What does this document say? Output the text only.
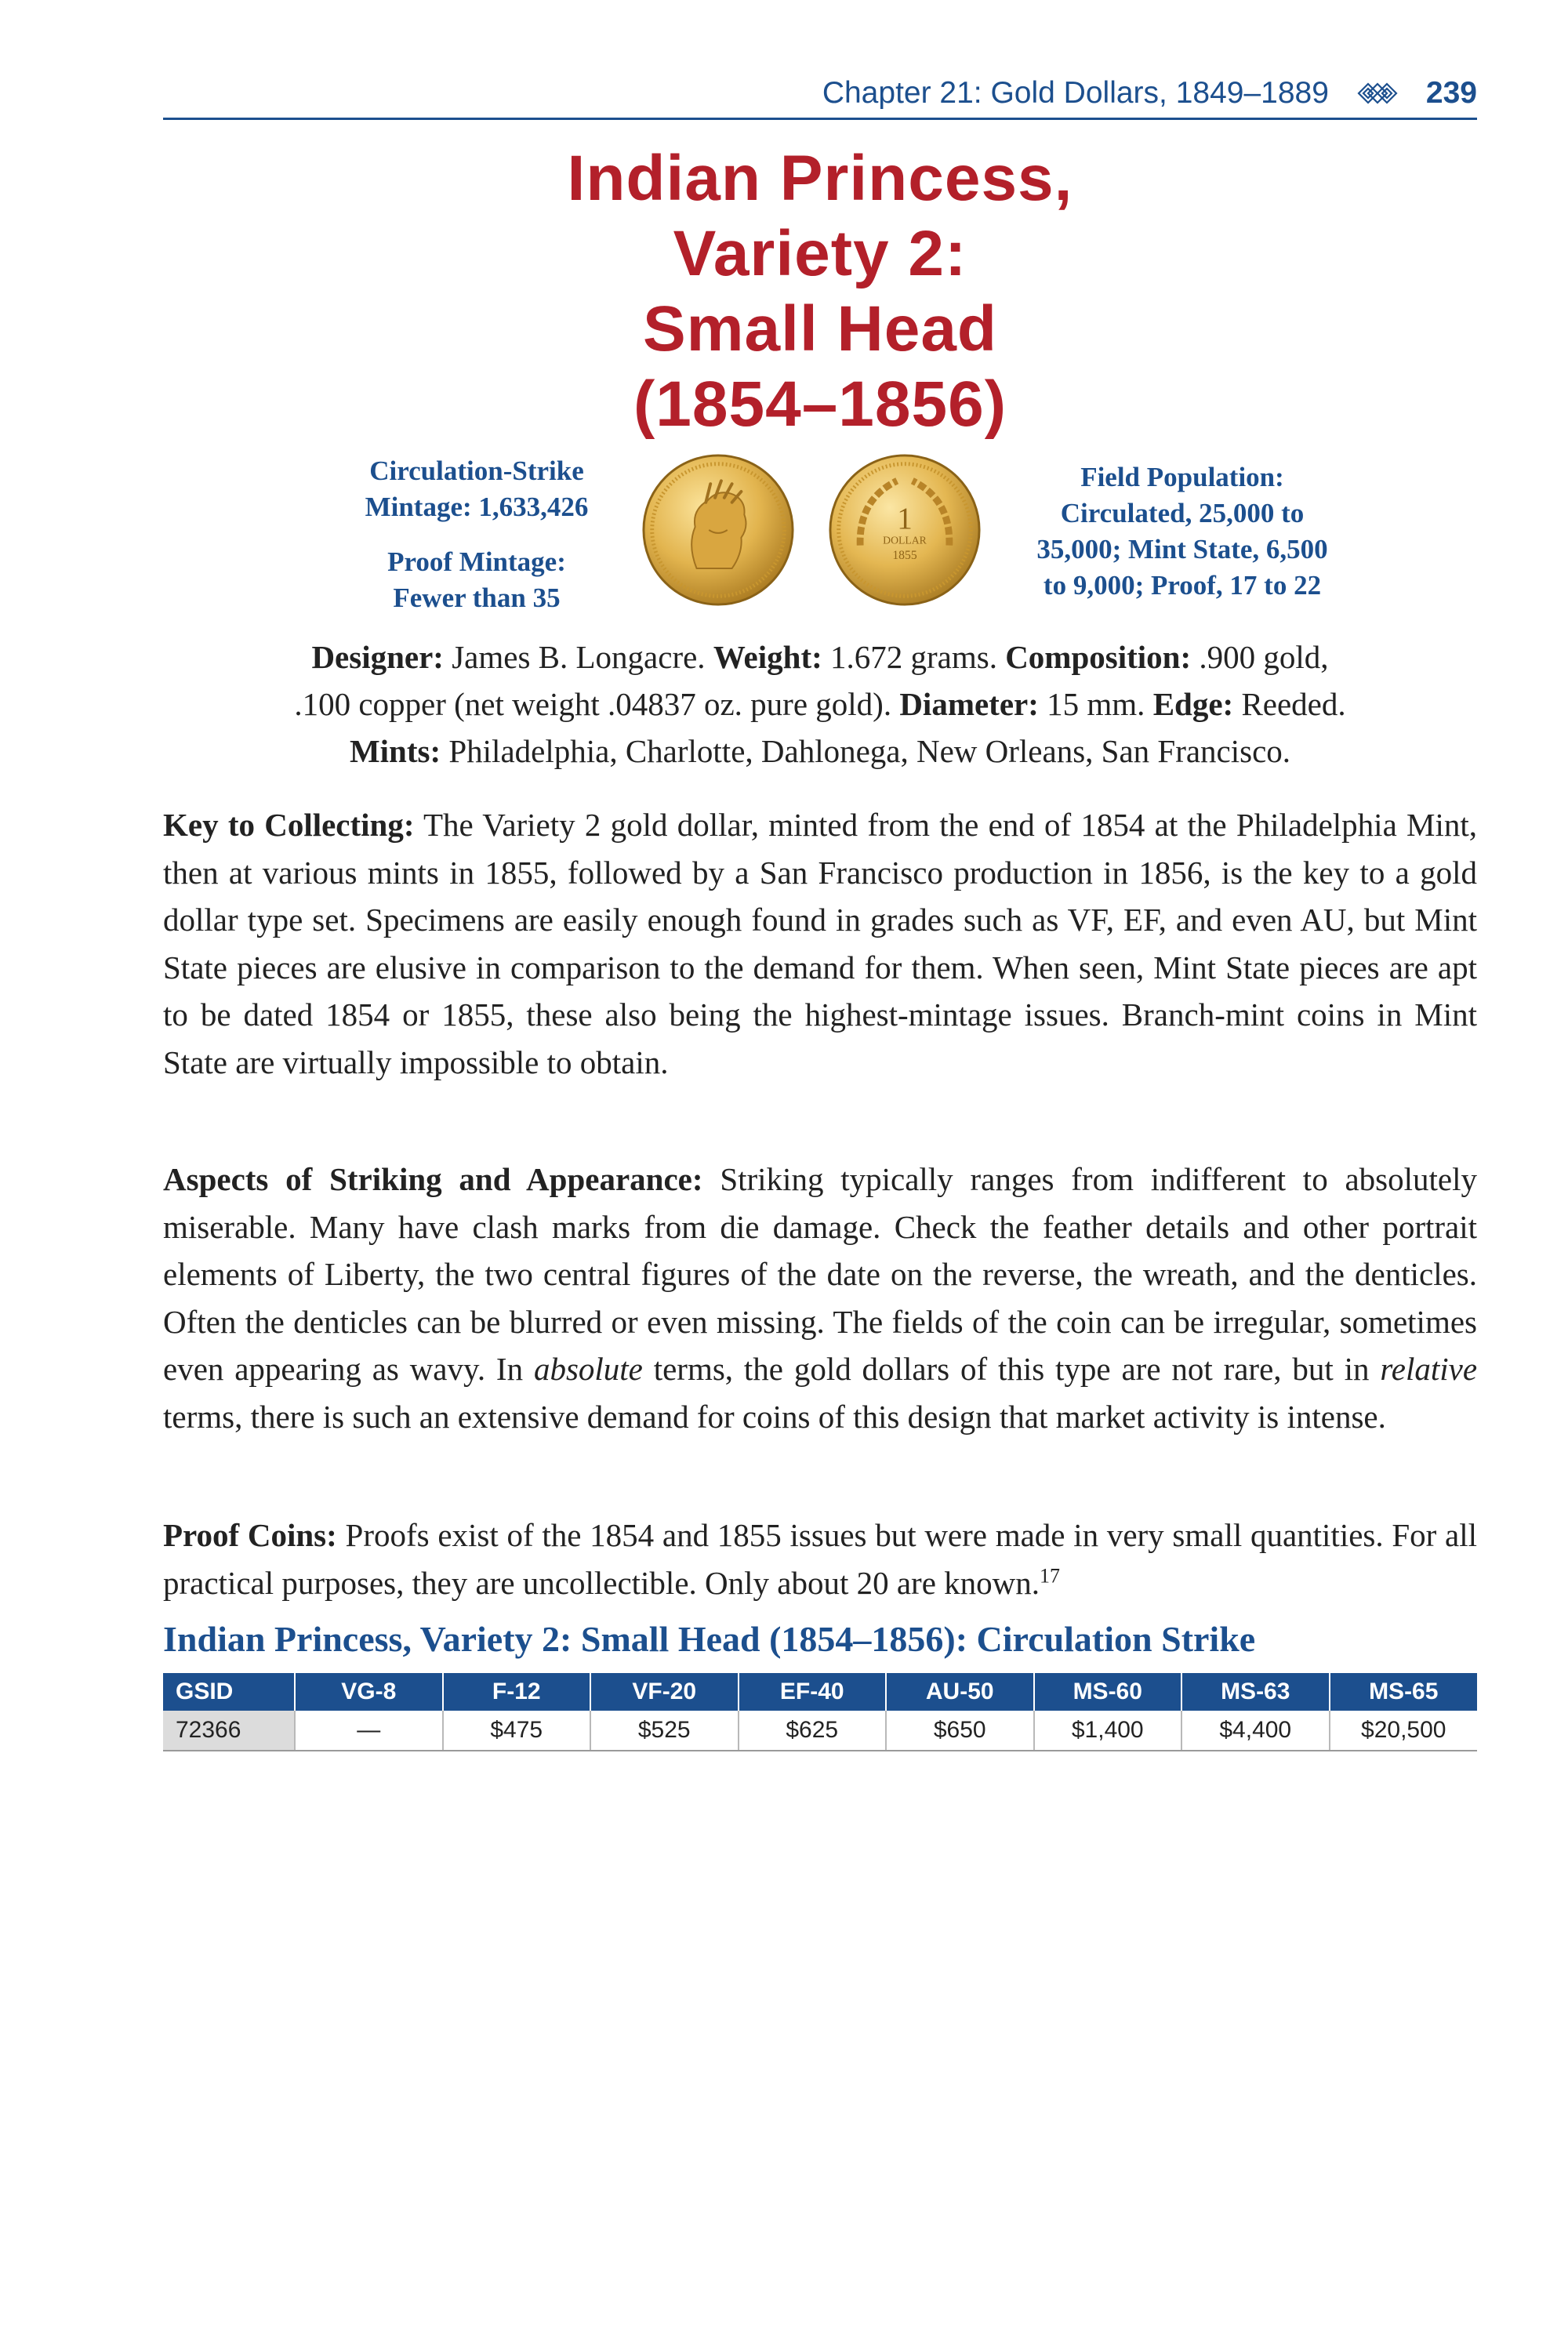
Chapter 21: Gold Dollars, 1849–1889	239
Indian Princess,
Variety 2:
Small Head
(1854–1856)
Circulation-Strike
Mintage: 1,633,426
Proof Mintage:
Fewer than 35
1
DOLLAR
1855
Field Population:
Circulated, 25,000 to
35,000; Mint State, 6,500
to 9,000; Proof, 17 to 22
Designer: James B. Longacre. Weight: 1.672 grams. Composition: .900 gold,
.100 copper (net weight .04837 oz. pure gold). Diameter: 15 mm. Edge: Reeded.
Mints: Philadelphia, Charlotte, Dahlonega, New Orleans, San Francisco.
Key to Collecting: The Variety 2 gold dollar, minted from the end of 1854 at the Philadelphia Mint, then at various mints in 1855, followed by a San Francisco production in 1856, is the key to a gold dollar type set. Specimens are easily enough found in grades such as VF, EF, and even AU, but Mint State pieces are elusive in comparison to the demand for them. When seen, Mint State pieces are apt to be dated 1854 or 1855, these also being the highest-mintage issues. Branch-mint coins in Mint State are virtually impossible to obtain.
Aspects of Striking and Appearance: Striking typically ranges from indifferent to absolutely miserable. Many have clash marks from die damage. Check the feather details and other portrait elements of Liberty, the two central figures of the date on the reverse, the wreath, and the denticles. Often the denticles can be blurred or even missing. The fields of the coin can be irregular, sometimes even appearing as wavy. In absolute terms, the gold dollars of this type are not rare, but in relative terms, there is such an extensive demand for coins of this design that market activity is intense.
Proof Coins: Proofs exist of the 1854 and 1855 issues but were made in very small quantities. For all practical purposes, they are uncollectible. Only about 20 are known.$^{17}$
Indian Princess, Variety 2: Small Head (1854–1856): Circulation Strike
GSID	VG-8	F-12	VF-20	EF-40	AU-50	MS-60	MS-63	MS-65
72366	—	$475	$525	$625	$650	$1,400	$4,400	$20,500
